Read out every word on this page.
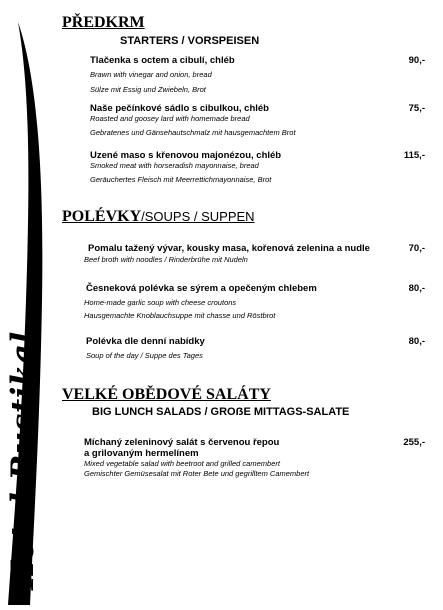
Hotel Rustikal
PŘEDKRM
STARTERS / VORSPEISEN
Tlačenka s octem a cibulí, chléb	90,-
Brawn with vinegar and onion, bread
Sülze mit Essig und Zwiebeln, Brot
Naše pečínkové sádlo s cibulkou, chléb	75,-
Roasted and goosey lard with homemade bread
Gebratenes und Gänsehautschmalz mit hausgemachtem Brot
Uzené maso s křenovou majonézou, chléb	115,-
Smoked meat with horseradish mayonnaise, bread
Geräuchertes Fleisch mit Meerrettichmayonnaise, Brot
POLÉVKY/SOUPS / SUPPEN
Pomalu tažený vývar, kousky masa, kořenová zelenina a nudle	70,-
Beef broth with noodles / Rinderbrühe mit Nudeln
Česneková polévka se sýrem a opečeným chlebem	80,-
Home-made garlic soup with cheese croutons
Hausgemachte Knoblauchsuppe mit chasse und Röstbrot
Polévka dle denní nabídky	80,-
Soup of the day / Suppe des Tages
VELKÉ OBĚDOVÉ SALÁTY
BIG LUNCH SALADS / GROẞE MITTAGS-SALATE
Míchaný zeleninový salát s červenou řepou
a grilovaným hermelínem
255,-
Mixed vegetable salad with beetroot and grilled camembert
Gemischter Gemüsesalat mit Roter Bete und gegrilltem Camembert
